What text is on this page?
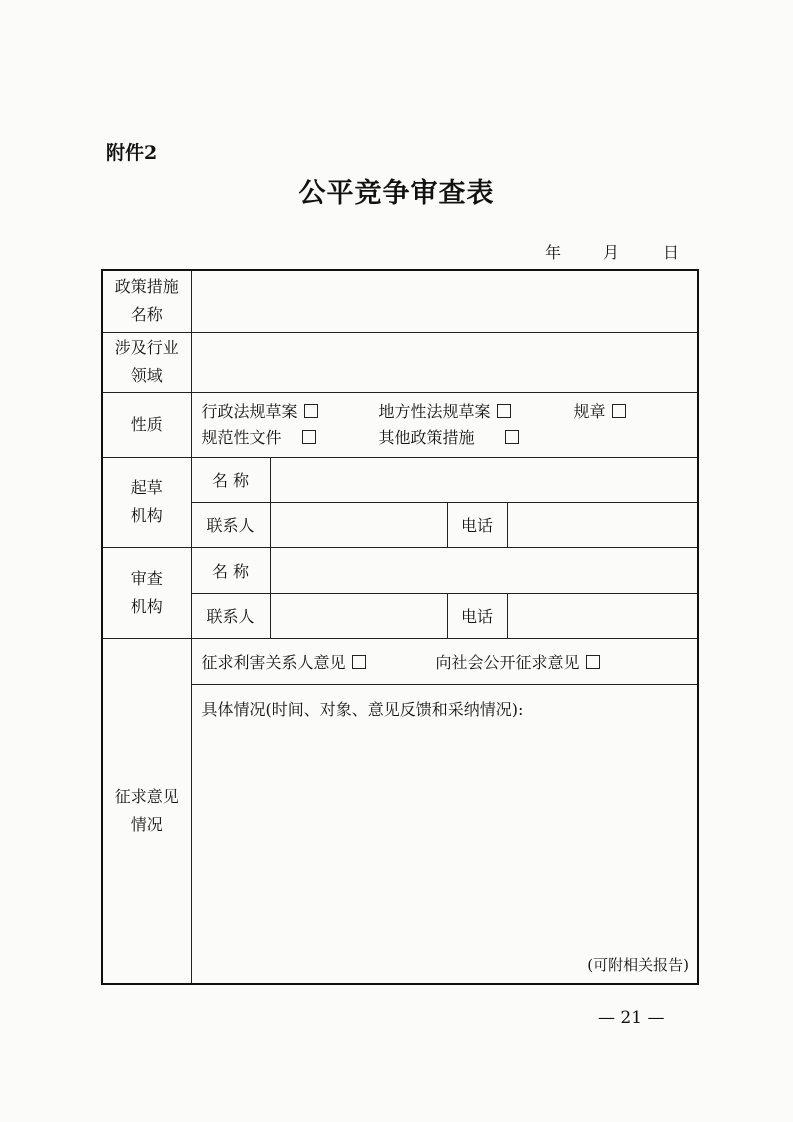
附件2
公平竞争审查表
年	月	日
政策措施
名称				

涉及行业
领域				

性质	行政法规草案 地方性法规草案 规章
规范性文件 其他政策措施			

起草
机构	名 称			
	联系人		电话	

审查
机构	名 称			
	联系人		电话	

征求意见
情况	征求利害关系人意见 向社会公开征求意见			

	具体情况(时间、对象、意见反馈和采纳情况):
(可附相关报告)			
— 21 —
